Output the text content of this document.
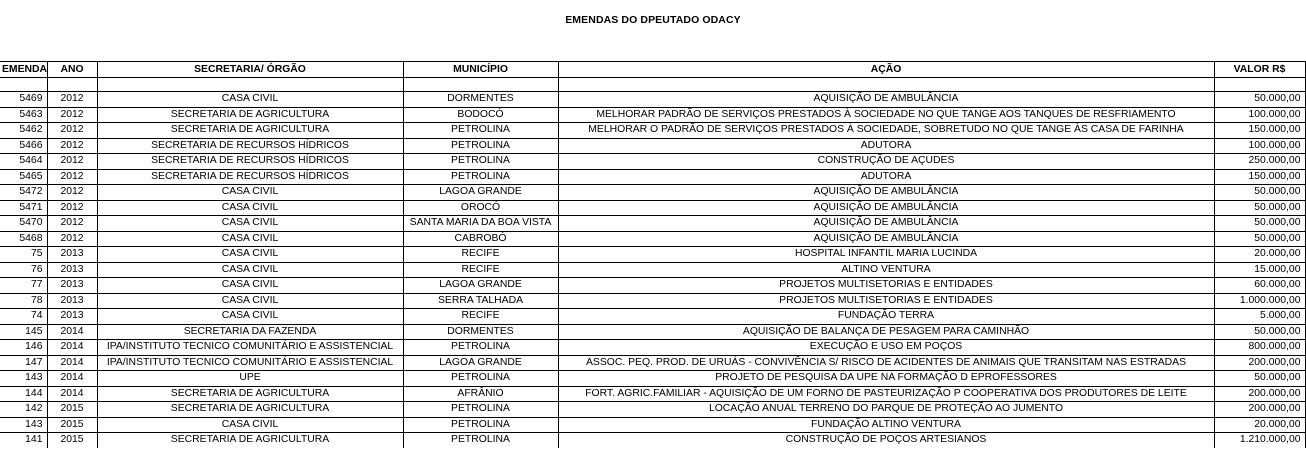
EMENDAS DO DPEUTADO ODACY
EMENDA	ANO	SECRETARIA/ ÓRGÃO	MUNICÍPIO	AÇÃO	VALOR R$

5469	2012	CASA CIVIL	DORMENTES	AQUISIÇÃO DE AMBULÂNCIA	50.000,00
5463	2012	SECRETARIA DE AGRICULTURA	BODOCÓ	MELHORAR PADRÃO DE SERVIÇOS PRESTADOS À SOCIEDADE NO QUE TANGE AOS TANQUES DE RESFRIAMENTO	100.000,00
5462	2012	SECRETARIA DE AGRICULTURA	PETROLINA	MELHORAR O PADRÃO DE SERVIÇOS PRESTADOS À SOCIEDADE, SOBRETUDO NO QUE TANGE ÀS CASA DE FARINHA	150.000,00
5466	2012	SECRETARIA DE RECURSOS HÍDRICOS	PETROLINA	ADUTORA	100.000,00
5464	2012	SECRETARIA DE RECURSOS HÍDRICOS	PETROLINA	CONSTRUÇÃO DE AÇUDES	250.000,00
5465	2012	SECRETARIA DE RECURSOS HÍDRICOS	PETROLINA	ADUTORA	150.000,00
5472	2012	CASA CIVIL	LAGOA GRANDE	AQUISIÇÃO DE AMBULÂNCIA	50.000,00
5471	2012	CASA CIVIL	OROCÓ	AQUISIÇÃO DE AMBULÂNCIA	50.000,00
5470	2012	CASA CIVIL	SANTA MARIA DA BOA VISTA	AQUISIÇÃO DE AMBULÂNCIA	50.000,00
5468	2012	CASA CIVIL	CABROBÓ	AQUISIÇÃO DE AMBULÂNCIA	50.000,00
75	2013	CASA CIVIL	RECIFE	HOSPITAL INFANTIL MARIA LUCINDA	20.000,00
76	2013	CASA CIVIL	RECIFE	ALTINO VENTURA	15.000,00
77	2013	CASA CIVIL	LAGOA GRANDE	PROJETOS MULTISETORIAS E ENTIDADES	60.000,00
78	2013	CASA CIVIL	SERRA TALHADA	PROJETOS MULTISETORIAS E ENTIDADES	1.000.000,00
74	2013	CASA CIVIL	RECIFE	FUNDAÇÃO TERRA	5.000,00
145	2014	SECRETARIA DA FAZENDA	DORMENTES	AQUISIÇÃO DE BALANÇA DE PESAGEM PARA CAMINHÃO	50.000,00
146	2014	IPA/INSTITUTO TECNICO COMUNITÁRIO E ASSISTENCIAL	PETROLINA	EXECUÇÃO E USO EM POÇOS	800.000,00
147	2014	IPA/INSTITUTO TECNICO COMUNITÁRIO E ASSISTENCIAL	LAGOA GRANDE	ASSOC. PEQ. PROD. DE URUÁS - CONVIVÊNCIA S/ RISCO DE ACIDENTES DE ANIMAIS QUE TRANSITAM NAS ESTRADAS	200.000,00
143	2014	UPE	PETROLINA	PROJETO DE PESQUISA DA UPE NA FORMAÇÃO D EPROFESSORES	50.000,00
144	2014	SECRETARIA DE AGRICULTURA	AFRÂNIO	FORT. AGRIC.FAMILIAR - AQUISIÇÃO DE UM FORNO DE PASTEURIZAÇÃO P COOPERATIVA DOS PRODUTORES DE LEITE	200.000,00
142	2015	SECRETARIA DE AGRICULTURA	PETROLINA	LOCAÇÃO ANUAL TERRENO DO PARQUE DE PROTEÇÃO AO JUMENTO	200.000,00
143	2015	CASA CIVIL	PETROLINA	FUNDAÇÃO ALTINO VENTURA	20.000,00
141	2015	SECRETARIA DE AGRICULTURA	PETROLINA	CONSTRUÇÃO DE POÇOS ARTESIANOS	1.210.000,00
